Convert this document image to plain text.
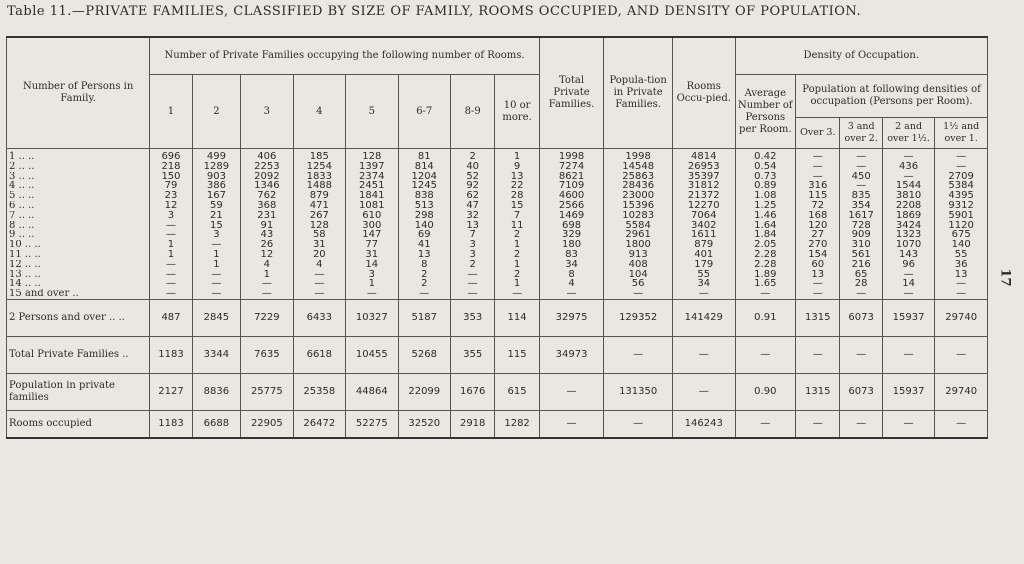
Table 11.—PRIVATE FAMILIES, CLASSIFIED BY SIZE OF FAMILY, ROOMS OCCUPIED, AND DENSITY OF POPULATION.
17
Number of Persons in Family.	Number of Private Families occupying the following number of Rooms.								Total Private Families.	Popula-tion in Private Families.	Rooms Occu-pied.	Density of Occupation.				
	1	2	3	4	5	6-7	8-9	10 or more.				Average Number of Persons per Room.	Population at following densities of occupation (Persons per Room).			
													Over 3.	3 and over 2.	2 and over 1½.	1½ and over 1.
1 .. ..	696	499	406	185	128	81	2	1	1998	1998	4814	0.42	—	—	—	—
2 .. ..	218	1289	2253	1254	1397	814	40	9	7274	14548	26953	0.54	—	—	436	—
3 .. ..	150	903	2092	1833	2374	1204	52	13	8621	25863	35397	0.73	—	450	—	2709
4 .. ..	79	386	1346	1488	2451	1245	92	22	7109	28436	31812	0.89	316	—	1544	5384
5 .. ..	23	167	762	879	1841	838	62	28	4600	23000	21372	1.08	115	835	3810	4395
6 .. ..	12	59	368	471	1081	513	47	15	2566	15396	12270	1.25	72	354	2208	9312
7 .. ..	3	21	231	267	610	298	32	7	1469	10283	7064	1.46	168	1617	1869	5901
8 .. ..	—	15	91	128	300	140	13	11	698	5584	3402	1.64	120	728	3424	1120
9 .. ..	—	3	43	58	147	69	7	2	329	2961	1611	1.84	27	909	1323	675
10 .. ..	1	—	26	31	77	41	3	1	180	1800	879	2.05	270	310	1070	140
11 .. ..	1	1	12	20	31	13	3	2	83	913	401	2.28	154	561	143	55
12 .. ..	—	1	4	4	14	8	2	1	34	408	179	2.28	60	216	96	36
13 .. ..	—	—	1	—	3	2	—	2	8	104	55	1.89	13	65	—	13
14 .. ..	—	—	—	—	1	2	—	1	4	56	34	1.65	—	28	14	—
15 and over ..	—	—	—	—	—	—	—	—	—	—	—	—	—	—	—	—
2 Persons and over .. ..	487	2845	7229	6433	10327	5187	353	114	32975	129352	141429	0.91	1315	6073	15937	29740
Total Private Families ..	1183	3344	7635	6618	10455	5268	355	115	34973	—	—	—	—	—	—	—
Population in private families	2127	8836	25775	25358	44864	22099	1676	615	—	131350	—	0.90	1315	6073	15937	29740
Rooms occupied	1183	6688	22905	26472	52275	32520	2918	1282	—	—	146243	—	—	—	—	—
